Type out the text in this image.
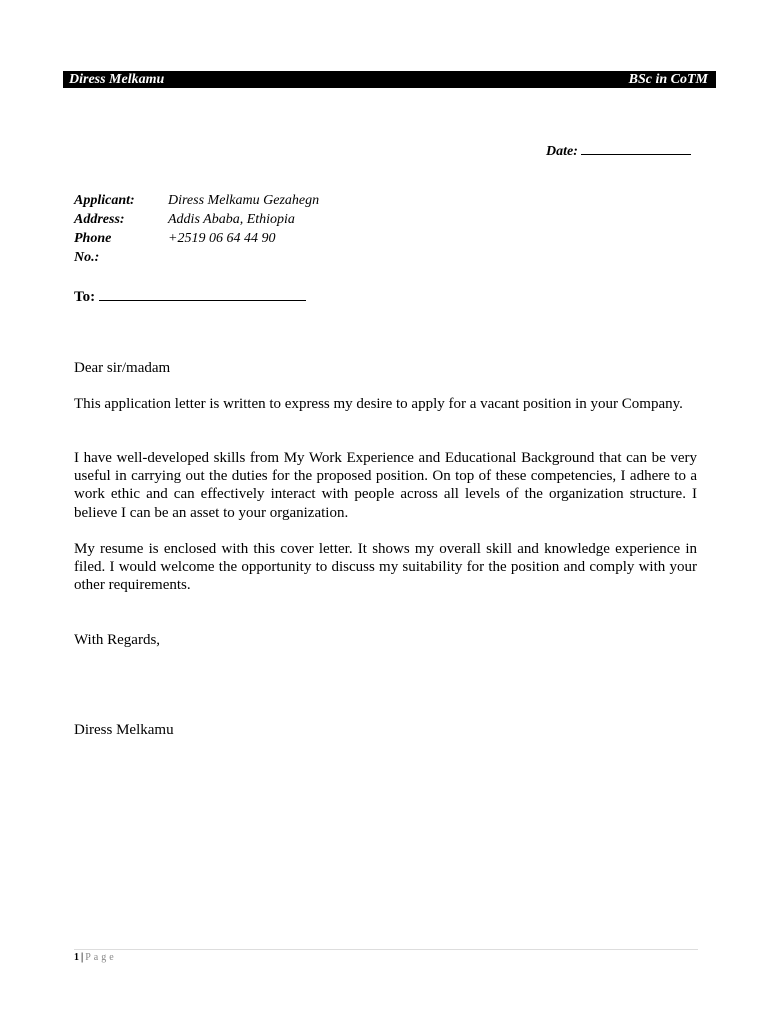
Diress Melkamu	BSc in CoTM
Date:
Applicant: Diress Melkamu Gezahegn
Address:	Addis Ababa, Ethiopia
Phone No.:
+2519 06 64 44 90
To:
Dear sir/madam
This application letter is written to express my desire to apply for a vacant position in your Company.
I have well-developed skills from My Work Experience and Educational Background that can be very useful in carrying out the duties for the proposed position. On top of these competencies, I adhere to a work ethic and can effectively interact with people across all levels of the organization structure. I believe I can be an asset to your organization.
My resume is enclosed with this cover letter. It shows my overall skill and knowledge experience in filed. I would welcome the opportunity to discuss my suitability for the position and comply with your other requirements.
With Regards,
Diress Melkamu
1 | Page
